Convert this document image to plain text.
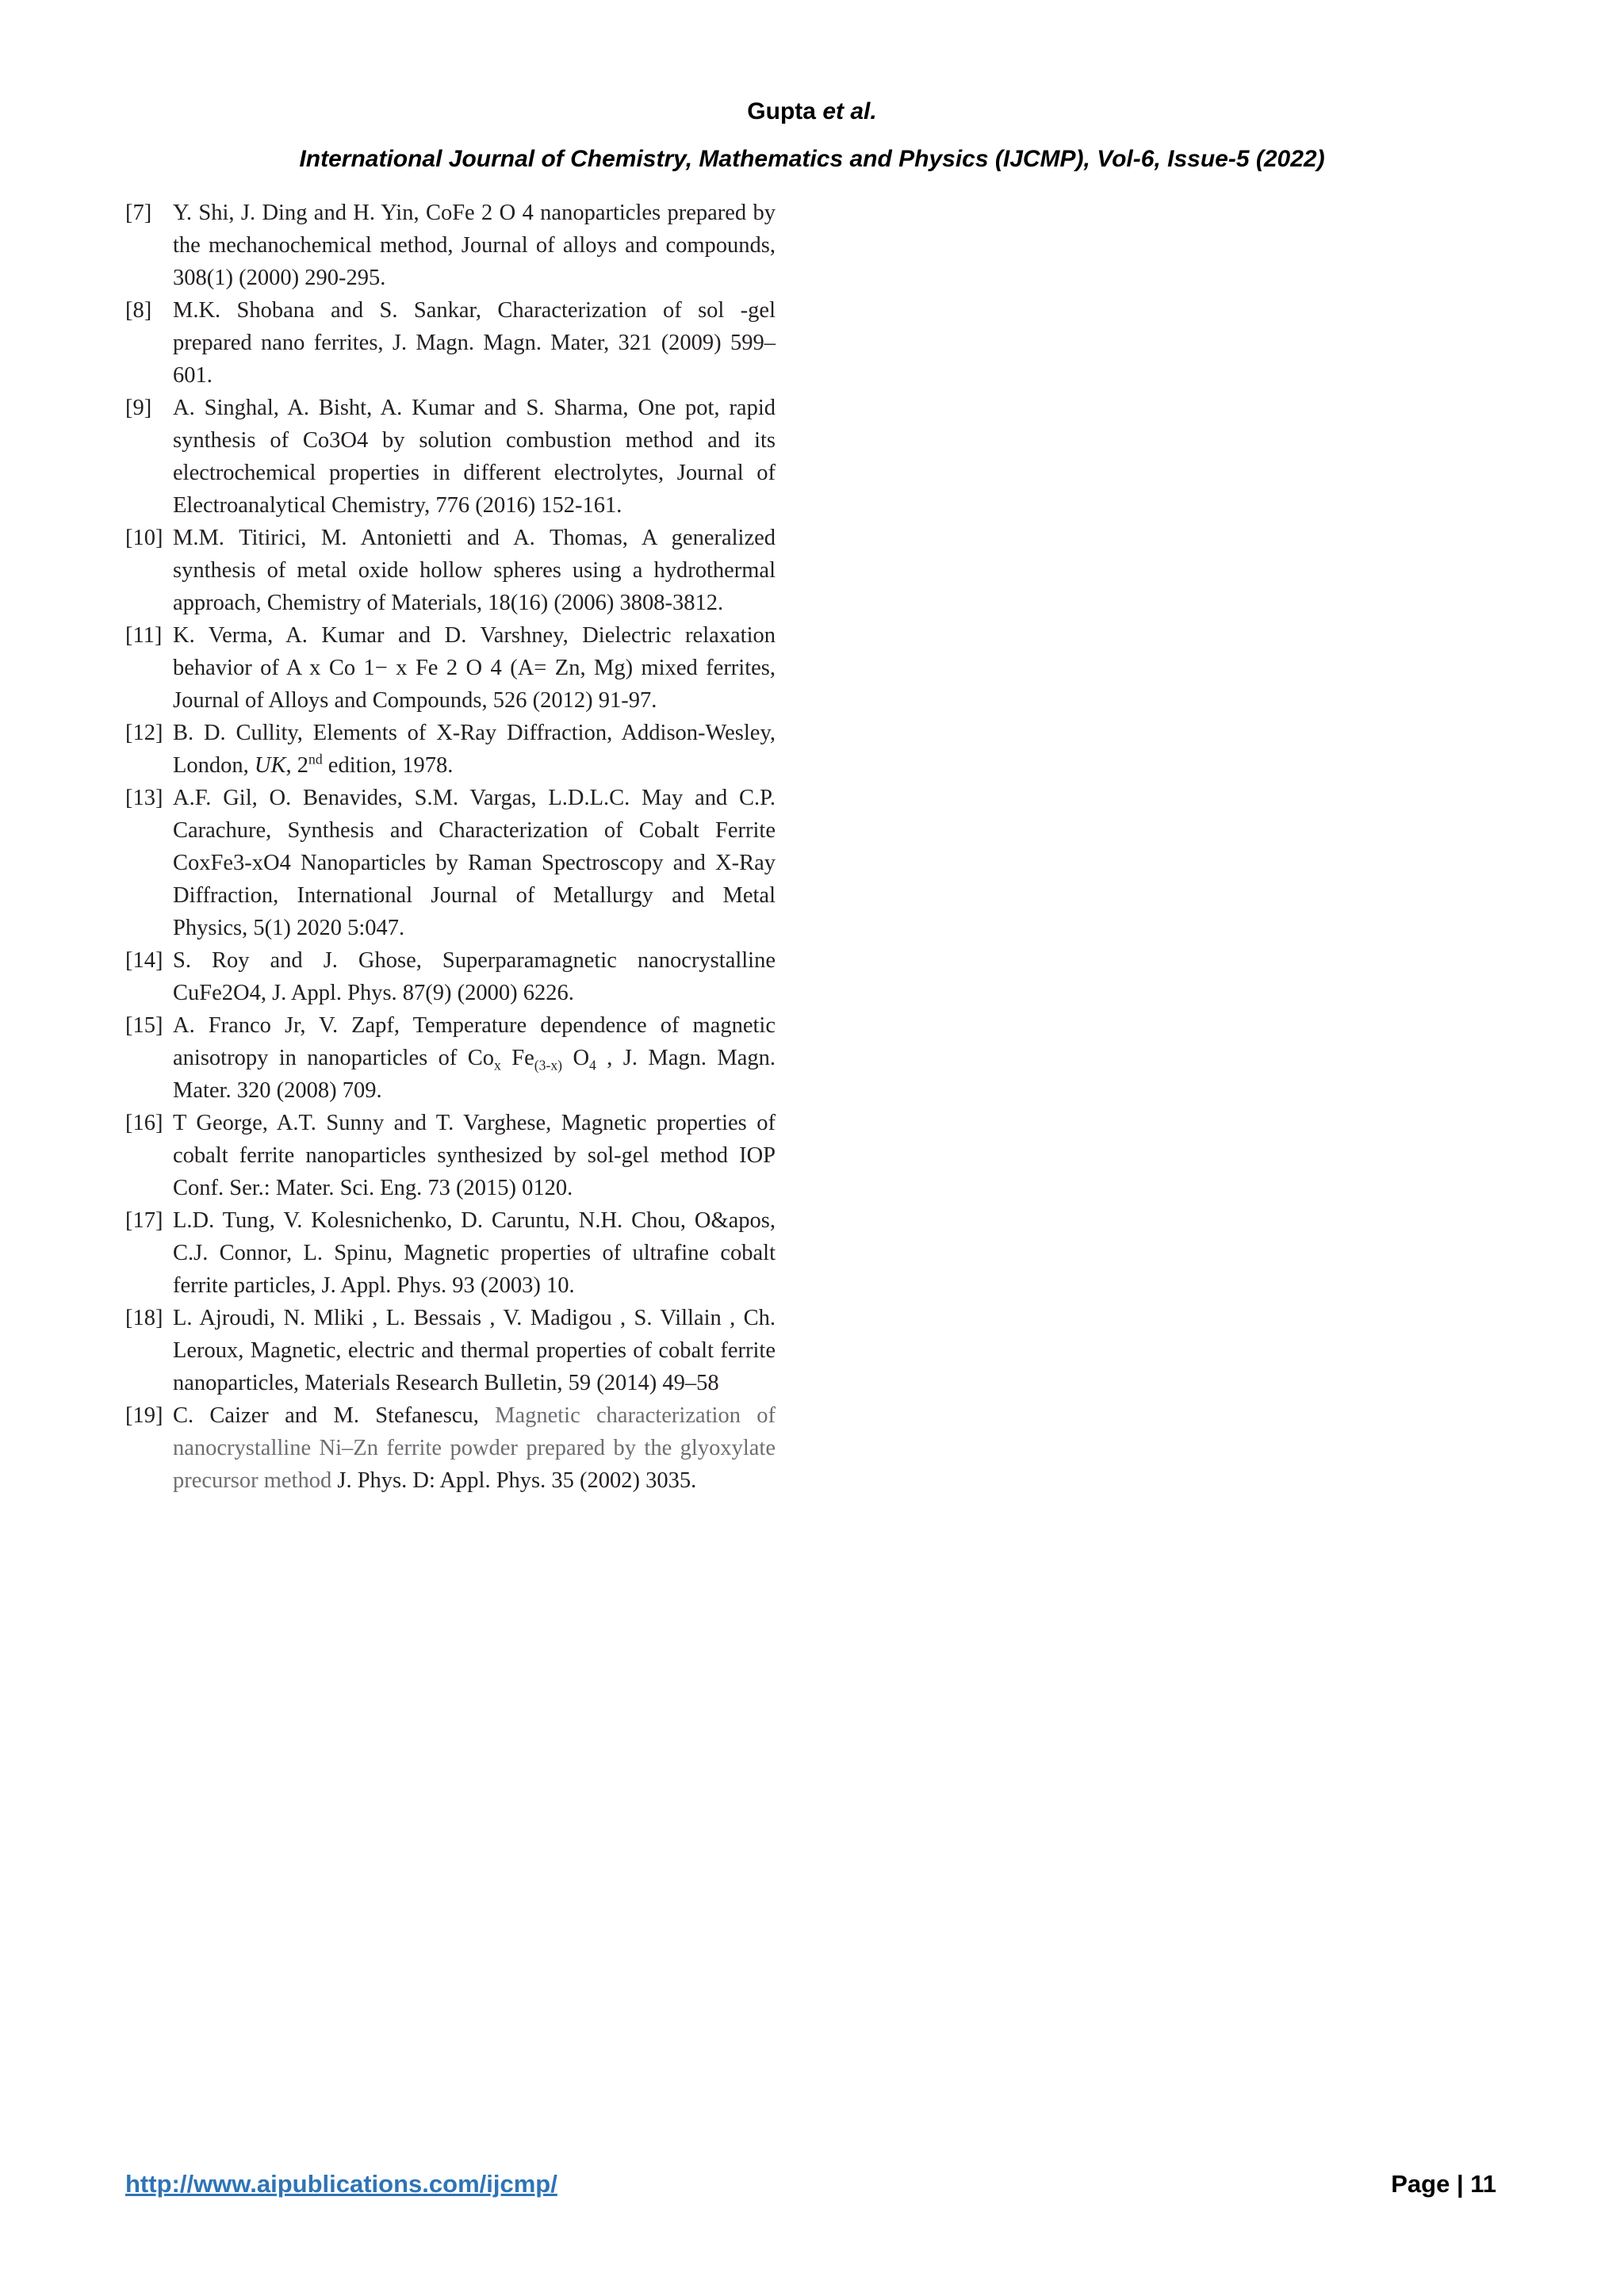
Gupta et al.
International Journal of Chemistry, Mathematics and Physics (IJCMP), Vol-6, Issue-5 (2022)
[7] Y. Shi, J. Ding and H. Yin, CoFe 2 O 4 nanoparticles prepared by the mechanochemical method, Journal of alloys and compounds, 308(1) (2000) 290-295.
[8] M.K. Shobana and S. Sankar, Characterization of sol -gel prepared nano ferrites, J. Magn. Magn. Mater, 321 (2009) 599–601.
[9] A. Singhal, A. Bisht, A. Kumar and S. Sharma, One pot, rapid synthesis of Co3O4 by solution combustion method and its electrochemical properties in different electrolytes, Journal of Electroanalytical Chemistry, 776 (2016) 152-161.
[10] M.M. Titirici, M. Antonietti and A. Thomas, A generalized synthesis of metal oxide hollow spheres using a hydrothermal approach, Chemistry of Materials, 18(16) (2006) 3808-3812.
[11] K. Verma, A. Kumar and D. Varshney, Dielectric relaxation behavior of A x Co 1− x Fe 2 O 4 (A= Zn, Mg) mixed ferrites, Journal of Alloys and Compounds, 526 (2012) 91-97.
[12] B. D. Cullity, Elements of X-Ray Diffraction, Addison-Wesley, London, UK, 2nd edition, 1978.
[13] A.F. Gil, O. Benavides, S.M. Vargas, L.D.L.C. May and C.P. Carachure, Synthesis and Characterization of Cobalt Ferrite CoxFe3-xO4 Nanoparticles by Raman Spectroscopy and X-Ray Diffraction, International Journal of Metallurgy and Metal Physics, 5(1) 2020 5:047.
[14] S. Roy and J. Ghose, Superparamagnetic nanocrystalline CuFe2O4, J. Appl. Phys. 87(9) (2000) 6226.
[15] A. Franco Jr, V. Zapf, Temperature dependence of magnetic anisotropy in nanoparticles of $Co_x$ $Fe_{(3-x)}$ $O_4$ , J. Magn. Magn. Mater. 320 (2008) 709.
[16] T George, A.T. Sunny and T. Varghese, Magnetic properties of cobalt ferrite nanoparticles synthesized by sol-gel method IOP Conf. Ser.: Mater. Sci. Eng. 73 (2015) 0120.
[17] L.D. Tung, V. Kolesnichenko, D. Caruntu, N.H. Chou, O&apos, C.J. Connor, L. Spinu, Magnetic properties of ultrafine cobalt ferrite particles, J. Appl. Phys. 93 (2003) 10.
[18] L. Ajroudi, N. Mliki , L. Bessais , V. Madigou , S. Villain , Ch. Leroux, Magnetic, electric and thermal properties of cobalt ferrite nanoparticles, Materials Research Bulletin, 59 (2014) 49–58
[19] C. Caizer and M. Stefanescu, Magnetic characterization of nanocrystalline Ni–Zn ferrite powder prepared by the glyoxylate precursor method J. Phys. D: Appl. Phys. 35 (2002) 3035.
http://www.aipublications.com/ijcmp/	Page | 11
